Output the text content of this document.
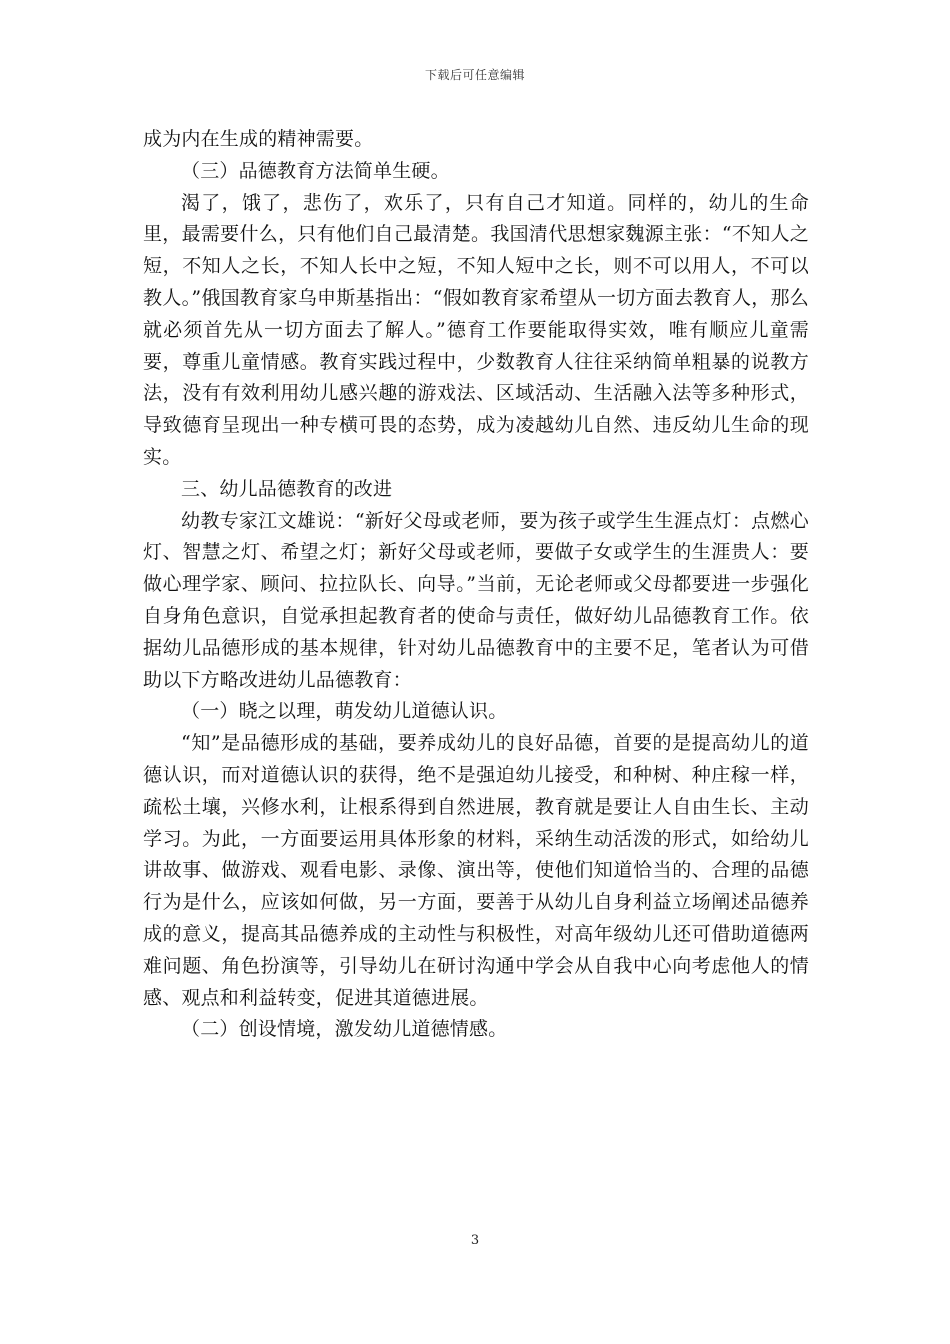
下载后可任意编辑

成为内在生成的精神需要。

（三）品德教育方法简单生硬。

渴了，饿了，悲伤了，欢乐了，只有自己才知道。同样的，幼儿的生命里，最需要什么，只有他们自己最清楚。我国清代思想家魏源主张：“不知人之短，不知人之长，不知人长中之短，不知人短中之长，则不可以用人，不可以教人。”俄国教育家乌申斯基指出：“假如教育家希望从一切方面去教育人，那么就必须首先从一切方面去了解人。”德育工作要能取得实效，唯有顺应儿童需要，尊重儿童情感。教育实践过程中，少数教育人往往采纳简单粗暴的说教方法，没有有效利用幼儿感兴趣的游戏法、区域活动、生活融入法等多种形式，导致德育呈现出一种专横可畏的态势，成为凌越幼儿自然、违反幼儿生命的现实。

三、幼儿品德教育的改进

幼教专家江文雄说：“新好父母或老师，要为孩子或学生生涯点灯：点燃心灯、智慧之灯、希望之灯；新好父母或老师，要做子女或学生的生涯贵人：要做心理学家、顾问、拉拉队长、向导。”当前，无论老师或父母都要进一步强化自身角色意识，自觉承担起教育者的使命与责任，做好幼儿品德教育工作。依据幼儿品德形成的基本规律，针对幼儿品德教育中的主要不足，笔者认为可借助以下方略改进幼儿品德教育：

（一）晓之以理，萌发幼儿道德认识。

“知”是品德形成的基础，要养成幼儿的良好品德，首要的是提高幼儿的道德认识，而对道德认识的获得，绝不是强迫幼儿接受，和种树、种庄稼一样，疏松土壤，兴修水利，让根系得到自然进展，教育就是要让人自由生长、主动学习。为此，一方面要运用具体形象的材料，采纳生动活泼的形式，如给幼儿讲故事、做游戏、观看电影、录像、演出等，使他们知道恰当的、合理的品德行为是什么，应该如何做，另一方面，要善于从幼儿自身利益立场阐述品德养成的意义，提高其品德养成的主动性与积极性，对高年级幼儿还可借助道德两难问题、角色扮演等，引导幼儿在研讨沟通中学会从自我中心向考虑他人的情感、观点和利益转变，促进其道德进展。

（二）创设情境，激发幼儿道德情感。

3
